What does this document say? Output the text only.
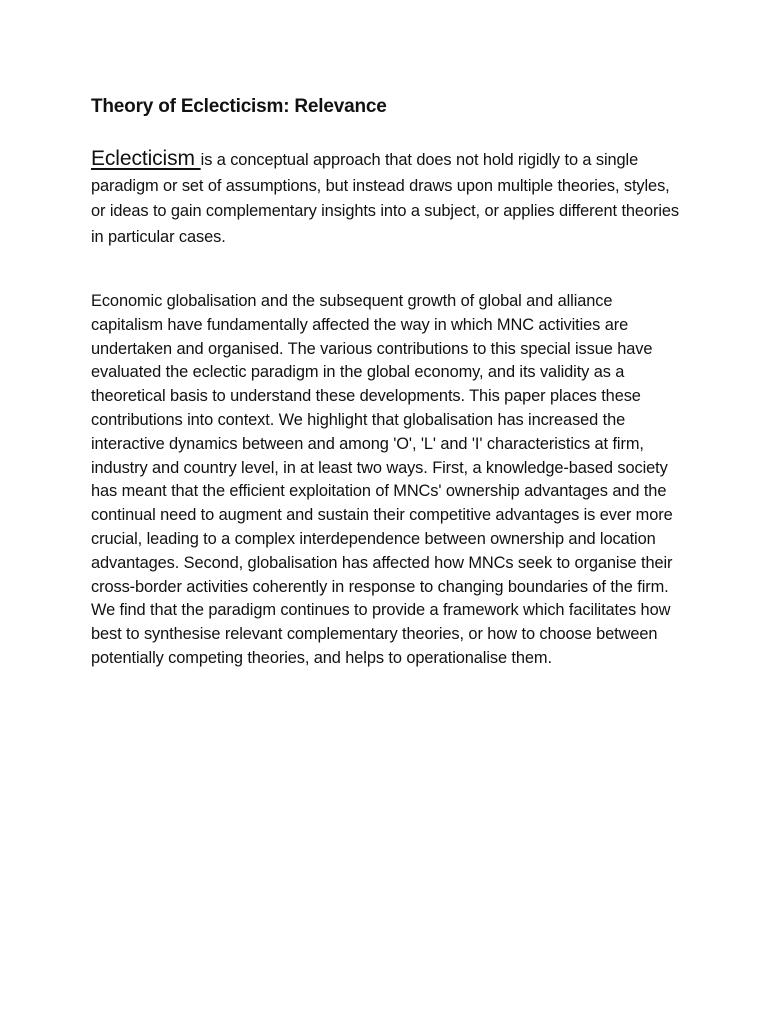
Theory of Eclecticism: Relevance

Eclecticism is a conceptual approach that does not hold rigidly to a single paradigm or set of assumptions, but instead draws upon multiple theories, styles, or ideas to gain complementary insights into a subject, or applies different theories in particular cases.

Economic globalisation and the subsequent growth of global and alliance capitalism have fundamentally affected the way in which MNC activities are undertaken and organised. The various contributions to this special issue have evaluated the eclectic paradigm in the global economy, and its validity as a theoretical basis to understand these developments. This paper places these contributions into context. We highlight that globalisation has increased the interactive dynamics between and among 'O', 'L' and 'I' characteristics at firm, industry and country level, in at least two ways. First, a knowledge-based society has meant that the efficient exploitation of MNCs' ownership advantages and the continual need to augment and sustain their competitive advantages is ever more crucial, leading to a complex interdependence between ownership and location advantages. Second, globalisation has affected how MNCs seek to organise their cross-border activities coherently in response to changing boundaries of the firm. We find that the paradigm continues to provide a framework which facilitates how best to synthesise relevant complementary theories, or how to choose between potentially competing theories, and helps to operationalise them.
